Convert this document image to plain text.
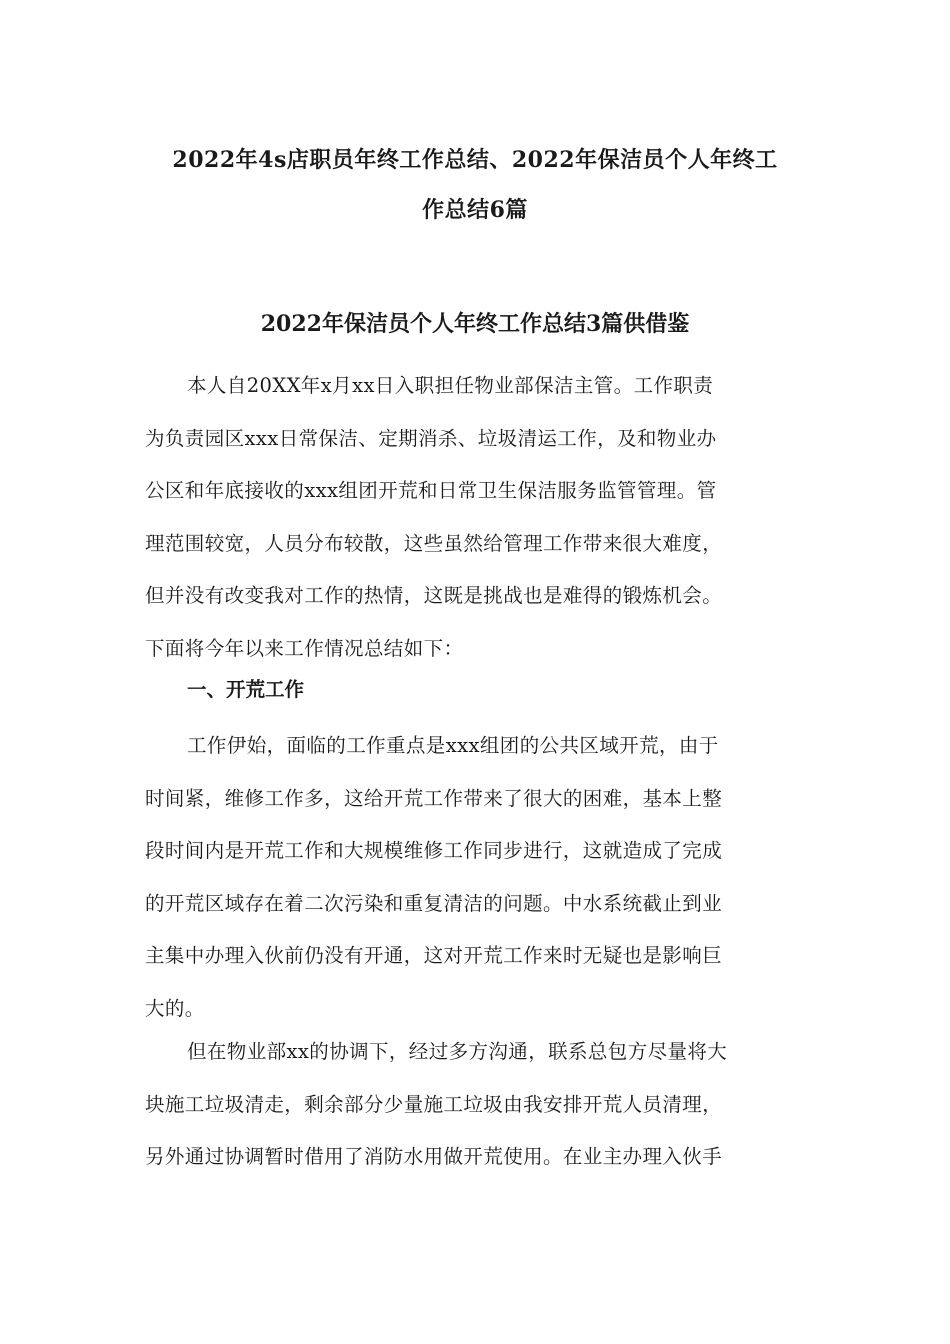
2022年4s店职员年终工作总结、2022年保洁员个人年终工
作总结6篇
2022年保洁员个人年终工作总结3篇供借鉴
本人自20XX年x月xx日入职担任物业部保洁主管。工作职责
为负责园区xxx日常保洁、定期消杀、垃圾清运工作，及和物业办
公区和年底接收的xxx组团开荒和日常卫生保洁服务监管管理。管
理范围较宽，人员分布较散，这些虽然给管理工作带来很大难度，
但并没有改变我对工作的热情，这既是挑战也是难得的锻炼机会。
下面将今年以来工作情况总结如下：
一、开荒工作
工作伊始，面临的工作重点是xxx组团的公共区域开荒，由于
时间紧，维修工作多，这给开荒工作带来了很大的困难，基本上整
段时间内是开荒工作和大规模维修工作同步进行，这就造成了完成
的开荒区域存在着二次污染和重复清洁的问题。中水系统截止到业
主集中办理入伙前仍没有开通，这对开荒工作来时无疑也是影响巨
大的。
但在物业部xx的协调下，经过多方沟通，联系总包方尽量将大
块施工垃圾清走，剩余部分少量施工垃圾由我安排开荒人员清理，
另外通过协调暂时借用了消防水用做开荒使用。在业主办理入伙手
